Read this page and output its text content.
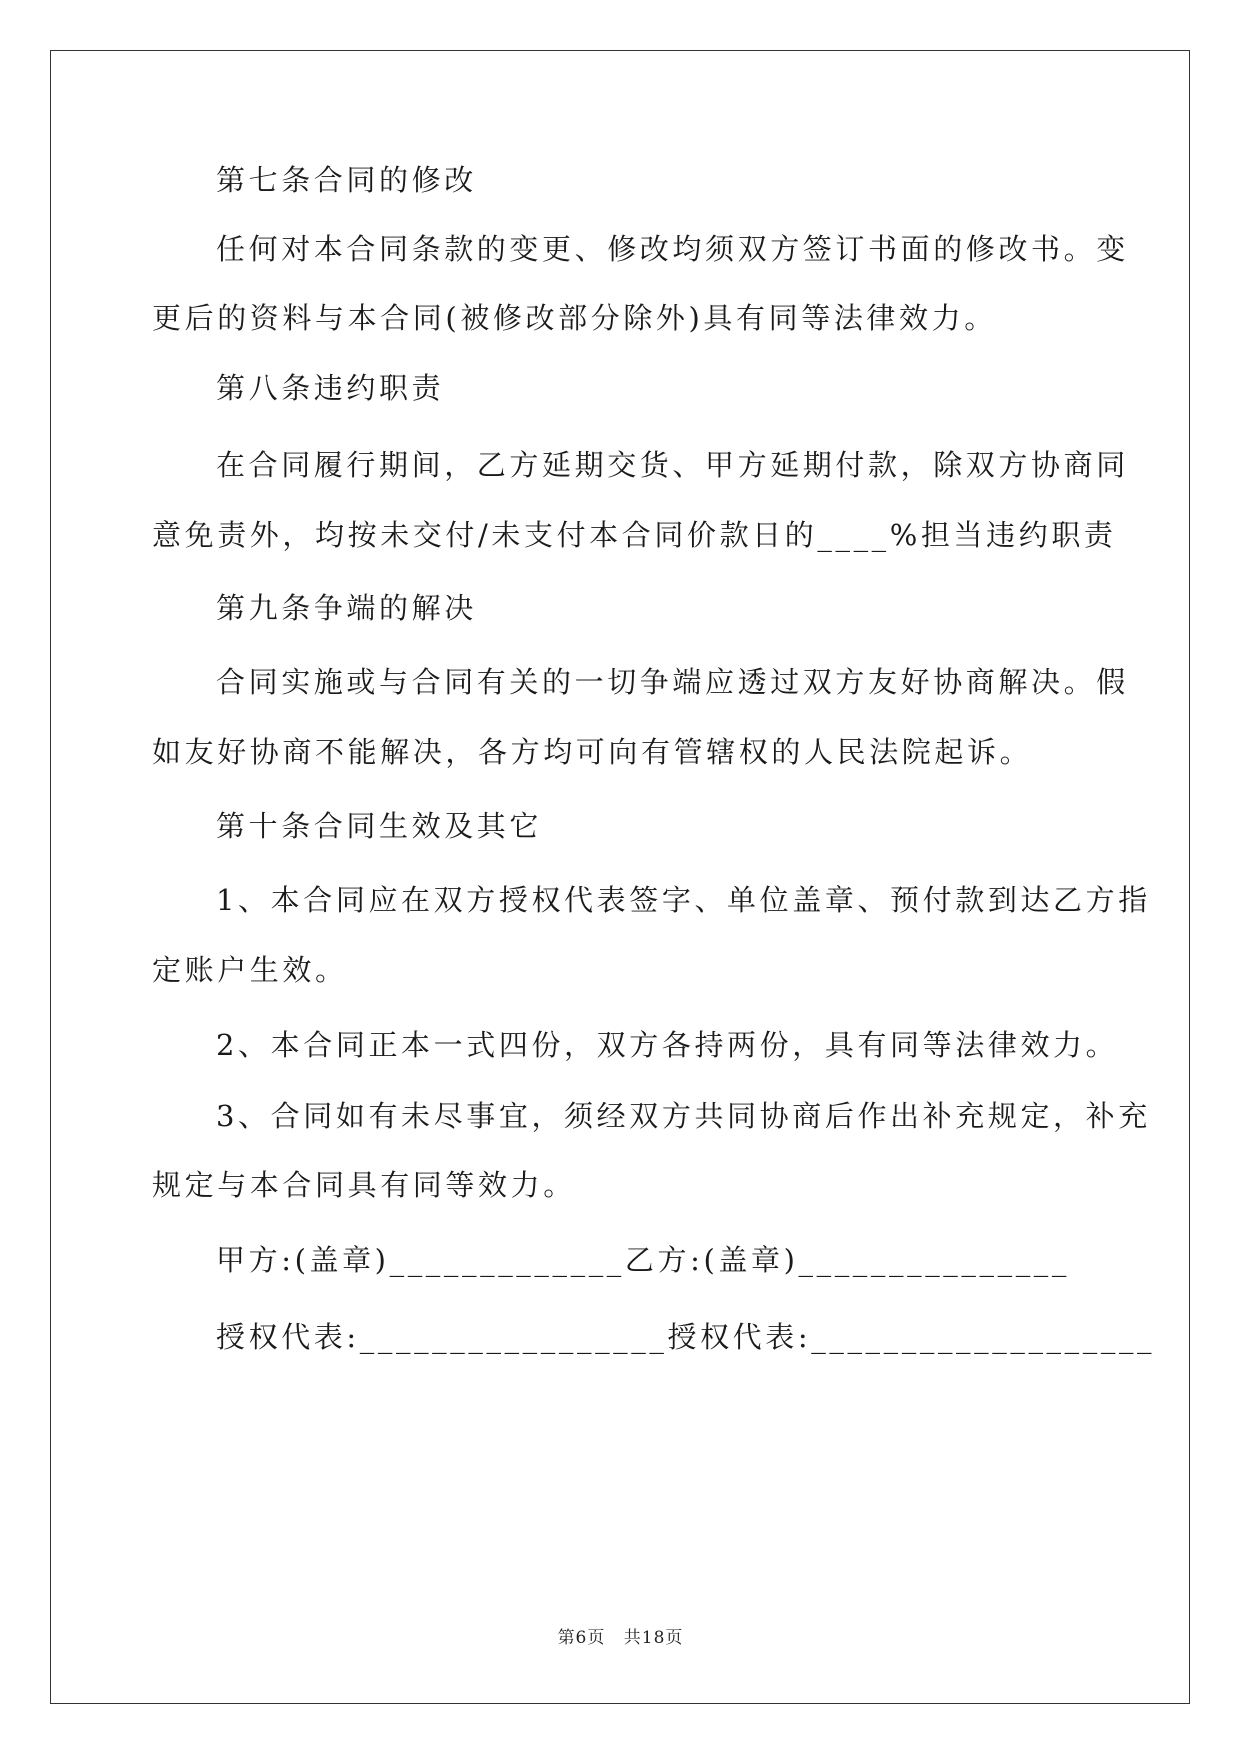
第七条合同的修改
任何对本合同条款的变更、修改均须双方签订书面的修改书。变
更后的资料与本合同(被修改部分除外)具有同等法律效力。
第八条违约职责
在合同履行期间，乙方延期交货、甲方延期付款，除双方协商同
意免责外，均按未交付/未支付本合同价款日的____%担当违约职责
第九条争端的解决
合同实施或与合同有关的一切争端应透过双方友好协商解决。假
如友好协商不能解决，各方均可向有管辖权的人民法院起诉。
第十条合同生效及其它
1、本合同应在双方授权代表签字、单位盖章、预付款到达乙方指
定账户生效。
2、本合同正本一式四份，双方各持两份，具有同等法律效力。
3、合同如有未尽事宜，须经双方共同协商后作出补充规定，补充
规定与本合同具有同等效力。
甲方:(盖章)_____________乙方:(盖章)_______________
授权代表:_________________授权代表:___________________
第6页 共18页
